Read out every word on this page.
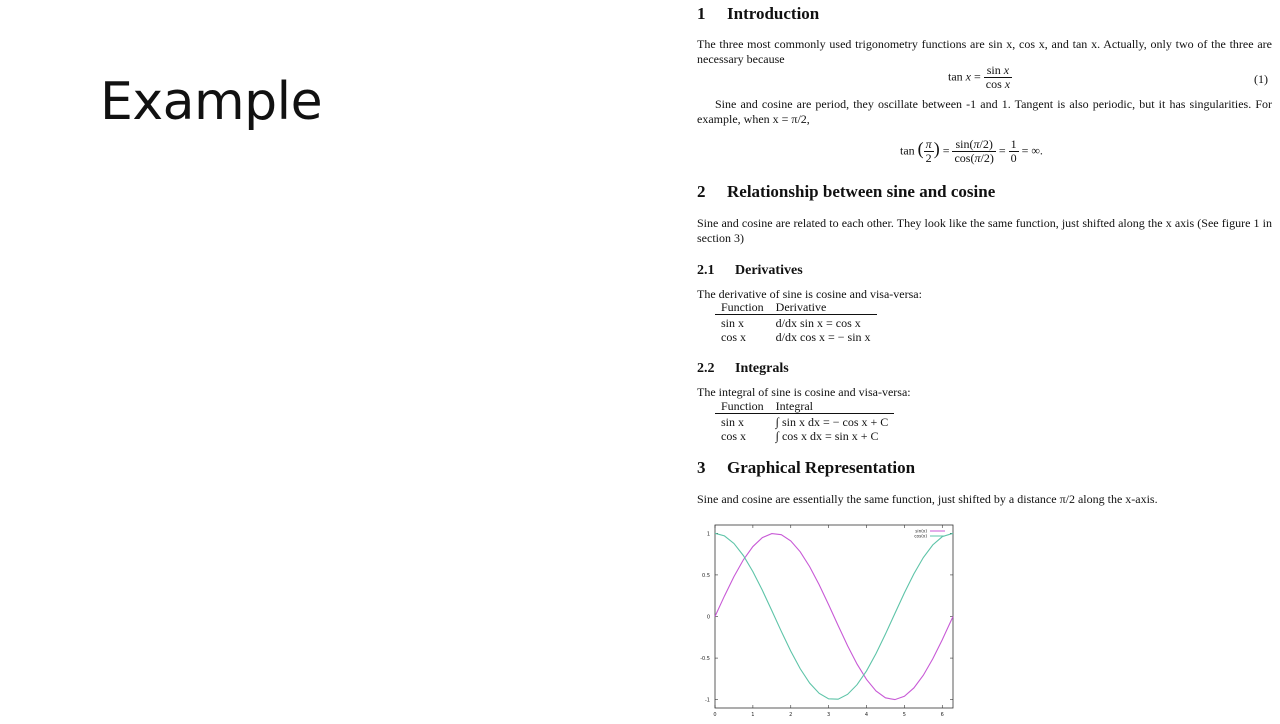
Example
1 Introduction
The three most commonly used trigonometry functions are sin x, cos x, and tan x. Actually, only two of the three are necessary because
$\tan x = \frac{\text{sin x}}{\text{cos x}}$	(1)
Sine and cosine are period, they oscillate between -1 and 1. Tangent is also periodic, but it has singularities. For example, when x = π/2,
tan ( $\frac{\pi}{2}$ ) = $\frac{\sin(\pi/2)}{\cos(\pi/2)} = \frac{1}{0}$ = ∞.
2 Relationship between sine and cosine
Sine and cosine are related to each other. They look like the same function, just shifted along the x axis (See figure 1 in section 3)
2.1 Derivatives
The derivative of sine is cosine and visa-versa:
Function	Derivative
sin x	d/dx sin x = cos x
cos x	d/dx cos x = − sin x
2.2 Integrals
The integral of sine is cosine and visa-versa:
Function	Integral
sin x	∫ sin x dx = − cos x + C
cos x	∫ cos x dx = sin x + C
3 Graphical Representation
Sine and cosine are essentially the same function, just shifted by a distance π/2 along the x-axis.
1
0.5
0
-0.5
-1
0	1	2	3	4	5	6
sin(x)
cos(x)
